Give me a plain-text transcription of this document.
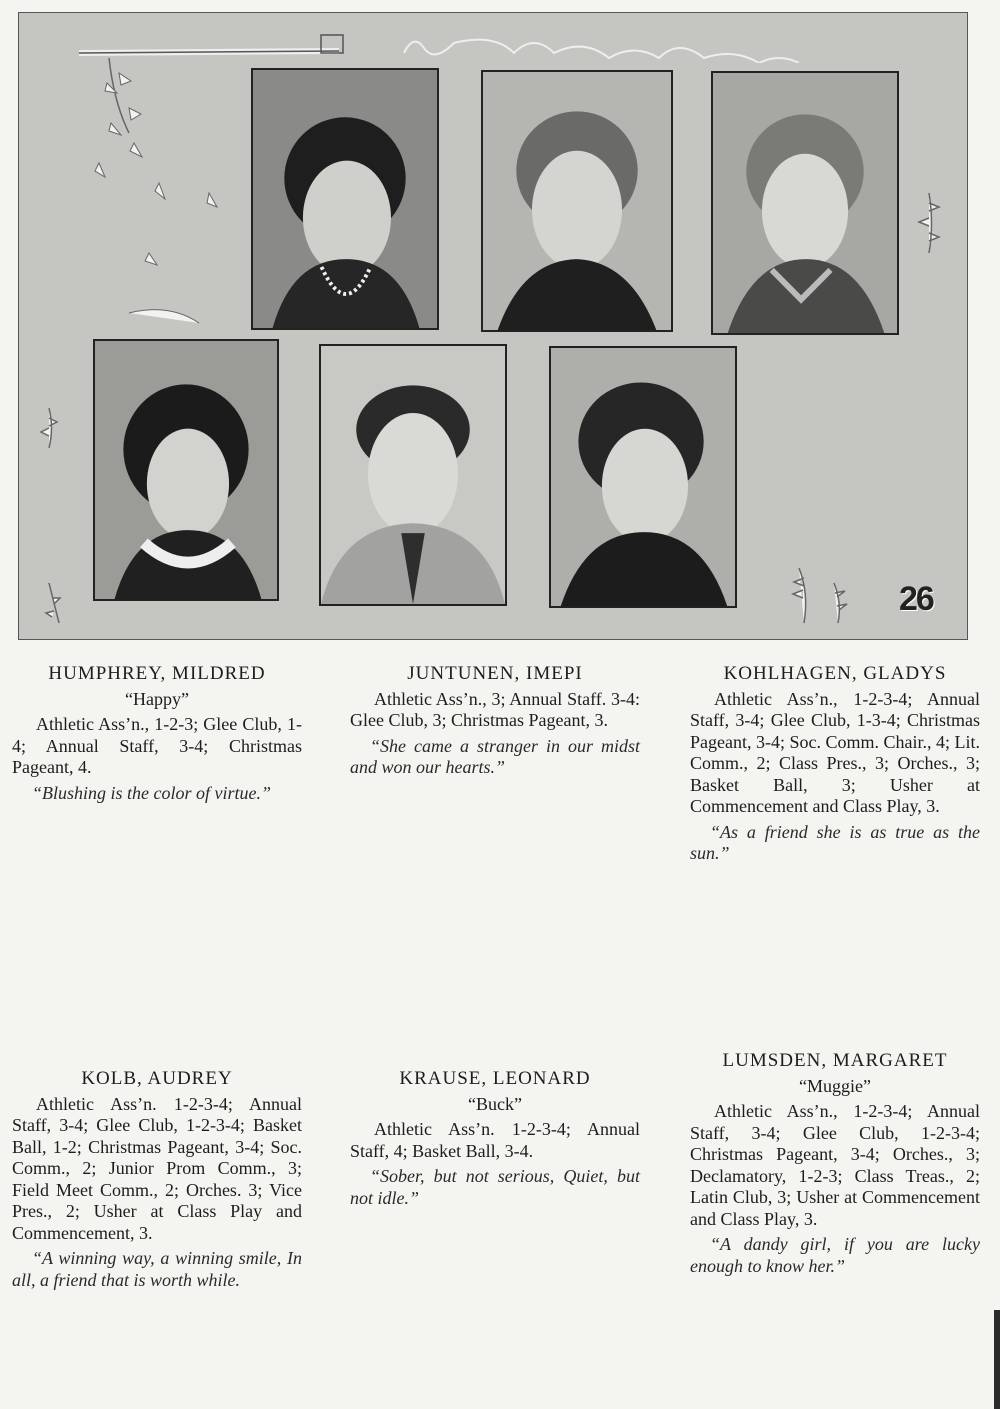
26
HUMPHREY, MILDRED
“Happy”
Athletic Ass’n., 1-2-3; Glee Club, 1-4; Annual Staff, 3-4; Christmas Pageant, 4.
“Blushing is the color of virtue.”
JUNTUNEN, IMEPI
Athletic Ass’n., 3; Annual Staff. 3-4: Glee Club, 3; Christmas Pageant, 3.
“She came a stranger in our midst and won our hearts.”
KOHLHAGEN, GLADYS
Athletic Ass’n., 1-2-3-4; Annual Staff, 3-4; Glee Club, 1-3-4; Christmas Pageant, 3-4; Soc. Comm. Chair., 4; Lit. Comm., 2; Class Pres., 3; Orches., 3; Basket Ball, 3; Usher at Commencement and Class Play, 3.
“As a friend she is as true as the sun.”
KOLB, AUDREY
Athletic Ass’n. 1-2-3-4; Annual Staff, 3-4; Glee Club, 1-2-3-4; Basket Ball, 1-2; Christmas Pageant, 3-4; Soc. Comm., 2; Junior Prom Comm., 3; Field Meet Comm., 2; Orches. 3; Vice Pres., 2; Usher at Class Play and Commencement, 3.
“A winning way, a winning smile, In all, a friend that is worth while.
KRAUSE, LEONARD
“Buck”
Athletic Ass’n. 1-2-3-4; Annual Staff, 4; Basket Ball, 3-4.
“Sober, but not serious, Quiet, but not idle.”
LUMSDEN, MARGARET
“Muggie”
Athletic Ass’n., 1-2-3-4; Annual Staff, 3-4; Glee Club, 1-2-3-4; Christmas Pageant, 3-4; Orches., 3; Declamatory, 1-2-3; Class Treas., 2; Latin Club, 3; Usher at Commencement and Class Play, 3.
“A dandy girl, if you are lucky enough to know her.”
